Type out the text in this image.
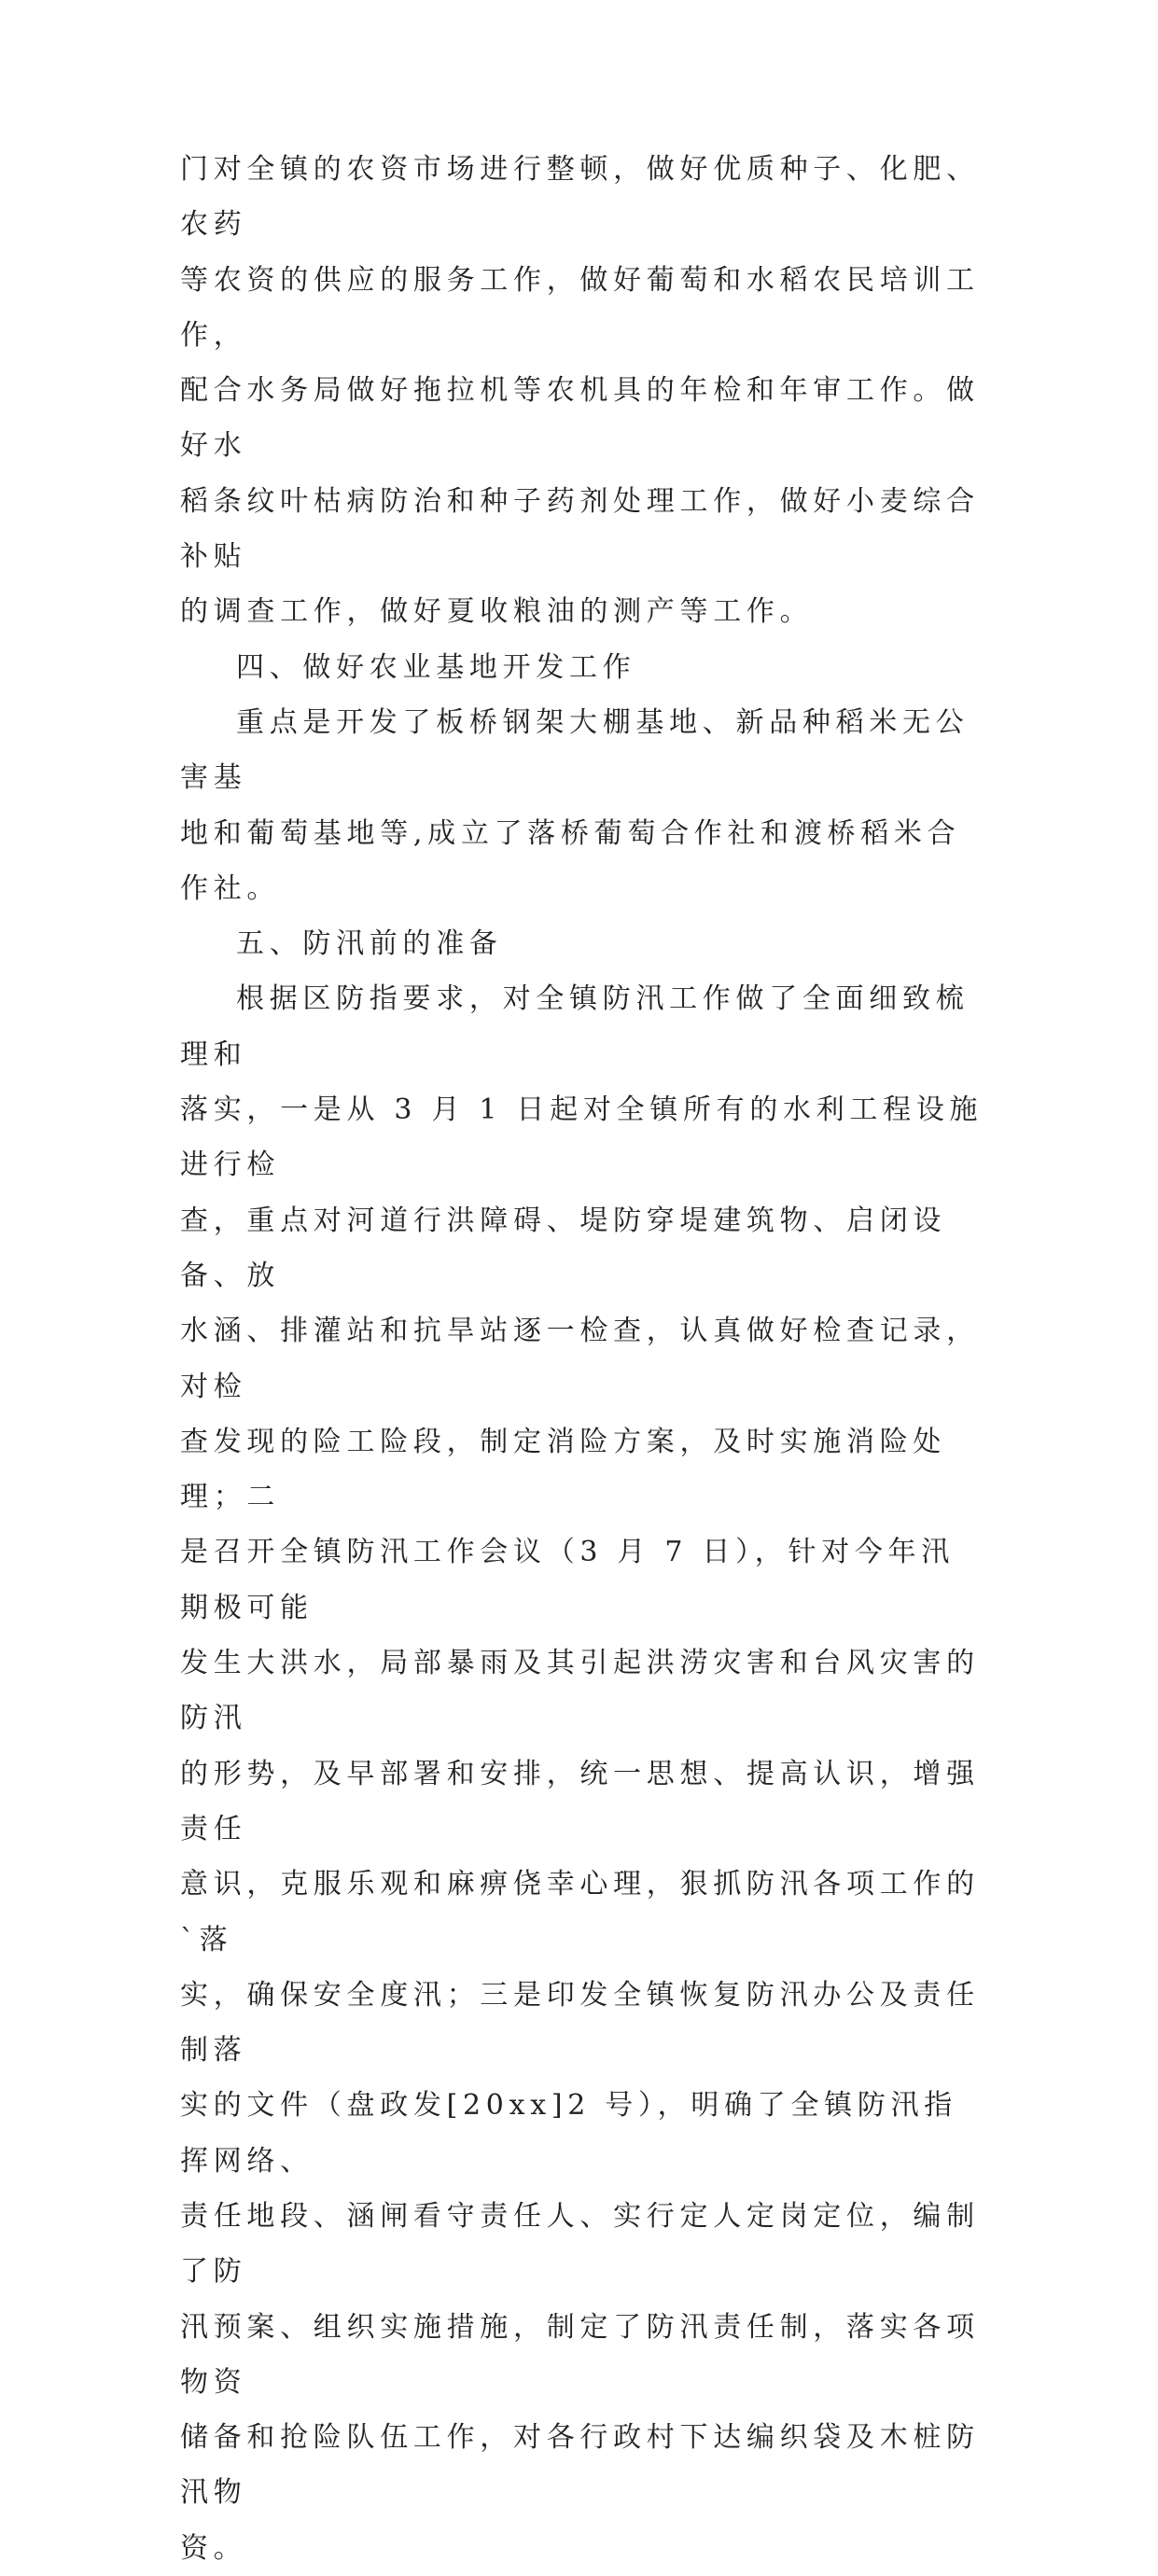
门对全镇的农资市场进行整顿，做好优质种子、化肥、农药
等农资的供应的服务工作，做好葡萄和水稻农民培训工作，
配合水务局做好拖拉机等农机具的年检和年审工作。做好水
稻条纹叶枯病防治和种子药剂处理工作，做好小麦综合补贴
的调查工作，做好夏收粮油的测产等工作。

四、做好农业基地开发工作

重点是开发了板桥钢架大棚基地、新品种稻米无公害基
地和葡萄基地等,成立了落桥葡萄合作社和渡桥稻米合作社。

五、防汛前的准备

根据区防指要求，对全镇防汛工作做了全面细致梳理和
落实，一是从 3 月 1 日起对全镇所有的水利工程设施进行检
查，重点对河道行洪障碍、堤防穿堤建筑物、启闭设备、放
水涵、排灌站和抗旱站逐一检查，认真做好检查记录，对检
查发现的险工险段，制定消险方案，及时实施消险处理；二
是召开全镇防汛工作会议（3 月 7 日），针对今年汛期极可能
发生大洪水，局部暴雨及其引起洪涝灾害和台风灾害的防汛
的形势，及早部署和安排，统一思想、提高认识，增强责任
意识，克服乐观和麻痹侥幸心理，狠抓防汛各项工作的`落
实，确保安全度汛；三是印发全镇恢复防汛办公及责任制落
实的文件（盘政发[20xx]2 号），明确了全镇防汛指挥网络、
责任地段、涵闸看守责任人、实行定人定岗定位，编制了防
汛预案、组织实施措施，制定了防汛责任制，落实各项物资
储备和抢险队伍工作，对各行政村下达编织袋及木桩防汛物
资。
